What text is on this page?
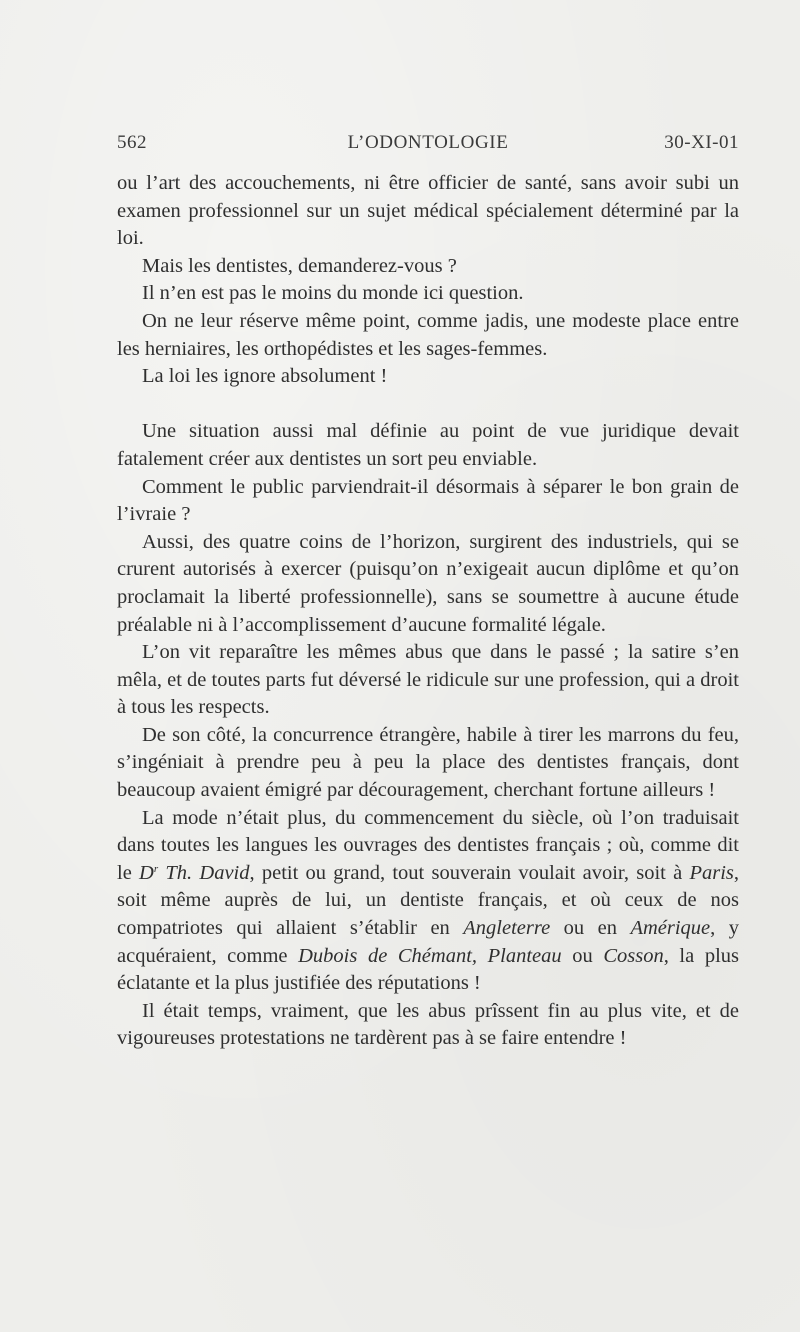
562	L’ODONTOLOGIE	30-XI-01

ou l’art des accouchements, ni être officier de santé, sans avoir subi un examen professionnel sur un sujet médical spécialement déterminé par la loi.

Mais les dentistes, demanderez-vous ?

Il n’en est pas le moins du monde ici question.

On ne leur réserve même point, comme jadis, une modeste place entre les herniaires, les orthopédistes et les sages-femmes.

La loi les ignore absolument !

Une situation aussi mal définie au point de vue juridique devait fatalement créer aux dentistes un sort peu enviable.

Comment le public parviendrait-il désormais à séparer le bon grain de l’ivraie ?

Aussi, des quatre coins de l’horizon, surgirent des industriels, qui se crurent autorisés à exercer (puisqu’on n’exigeait aucun diplôme et qu’on proclamait la liberté professionnelle), sans se soumettre à aucune étude préalable ni à l’accomplissement d’aucune formalité légale.

L’on vit reparaître les mêmes abus que dans le passé ; la satire s’en mêla, et de toutes parts fut déversé le ridicule sur une profession, qui a droit à tous les respects.

De son côté, la concurrence étrangère, habile à tirer les marrons du feu, s’ingéniait à prendre peu à peu la place des dentistes français, dont beaucoup avaient émigré par découragement, cherchant fortune ailleurs !

La mode n’était plus, du commencement du siècle, où l’on traduisait dans toutes les langues les ouvrages des dentistes français ; où, comme dit le $D^r$ Th. David, petit ou grand, tout souverain voulait avoir, soit à Paris, soit même auprès de lui, un dentiste français, et où ceux de nos compatriotes qui allaient s’établir en Angleterre ou en Amérique, y acquéraient, comme Dubois de Chémant, Planteau ou Cosson, la plus éclatante et la plus justifiée des réputations !

Il était temps, vraiment, que les abus prîssent fin au plus vite, et de vigoureuses protestations ne tardèrent pas à se faire entendre !
